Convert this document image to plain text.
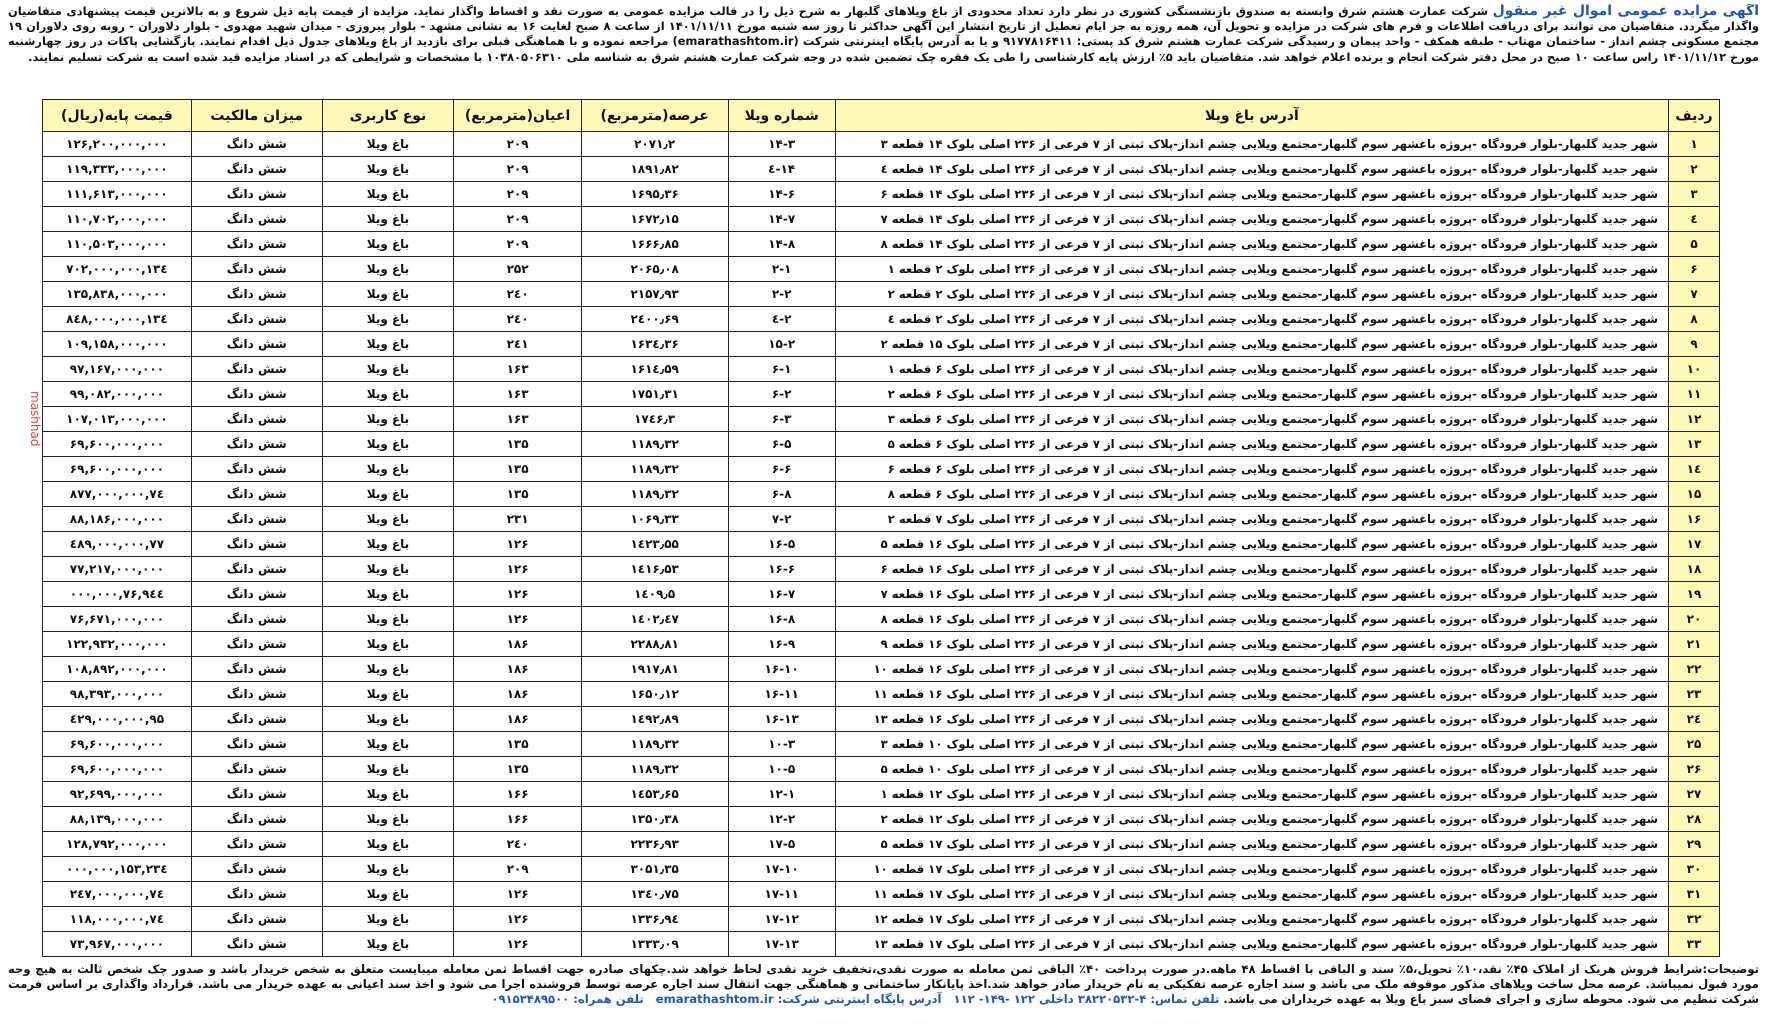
آگهی مزایده عمومی اموال غیر منقول شرکت عمارت هشتم شرق وابسته به صندوق بازنشستگی کشوری در نظر دارد تعداد محدودی از باغ ویلاهای گلبهار به شرح ذیل را در قالب مزایده عمومی به صورت نقد و اقساط واگذار نماید. مزایده از قیمت پایه ذیل شروع و به بالاترین قیمت پیشنهادی متقاضیان واگذار میگردد. متقاضیان می توانند برای دریافت اطلاعات و فرم های شرکت در مزایده و تحویل آن، همه روزه به جز ایام تعطیل از تاریخ انتشار این آگهی حداکثر تا روز سه شنبه مورخ ۱۴۰۱/۱۱/۱۱ از ساعت ۸ صبح لغایت ۱۶ به نشانی مشهد - بلوار پیروزی - میدان شهید مهدوی - بلوار دلاوران - روبه روی دلاوران ۱۹ مجتمع مسکونی چشم انداز - ساختمان مهتاب - طبقه همکف - واحد پیمان و رسیدگی شرکت عمارت هشتم شرق کد پستی: ۹۱۷۷۸۱۶۴۱۱ و یا به آدرس پایگاه اینترنتی شرکت (emarathashtom.ir) مراجعه نموده و با هماهنگی قبلی برای بازدید از باغ ویلاهای جدول ذیل اقدام نمایند. بازگشایی پاکات در روز چهارشنبه مورخ ۱۴۰۱/۱۱/۱۲ راس ساعت ۱۰ صبح در محل دفتر شرکت انجام و برنده اعلام خواهد شد. متقاضیان باید ۵٪ ارزش پایه کارشناسی را طی یک فقره چک تضمین شده در وجه شرکت عمارت هشتم شرق به شناسه ملی ۱۰۳۸۰۵۰۶۳۱۰ با مشخصات و شرایطی که در اسناد مزایده قید شده است به شرکت تسلیم نمایند.
mashhad
ردیف	آدرس باغ ویلا	شماره ویلا	عرصه(مترمربع)	اعیان(مترمربع)	نوع کاربری	میزان مالکیت	قیمت پایه(ریال)
۱	شهر جدید گلبهار-بلوار فرودگاه -پروژه باغشهر سوم گلبهار-مجتمع ویلایی چشم انداز-پلاک ثبتی از ۷ فرعی از ۲۳۶ اصلی بلوک ۱۴ قطعه ۳	۱۴-۳	۲۰۷۱٫۲	۲۰۹	باغ ویلا	شش دانگ	۱۲۶,۲۰۰,۰۰۰,۰۰۰
۲	شهر جدید گلبهار-بلوار فرودگاه -پروژه باغشهر سوم گلبهار-مجتمع ویلایی چشم انداز-پلاک ثبتی از ۷ فرعی از ۲۳۶ اصلی بلوک ۱۴ قطعه ٤	۱۴-٤	۱۸۹۱٫۸۲	۲۰۹	باغ ویلا	شش دانگ	۱۱۹,۳۳۳,۰۰۰,۰۰۰
۳	شهر جدید گلبهار-بلوار فرودگاه -پروژه باغشهر سوم گلبهار-مجتمع ویلایی چشم انداز-پلاک ثبتی از ۷ فرعی از ۲۳۶ اصلی بلوک ۱۴ قطعه ۶	۱۴-۶	۱۶۹۵٫۳۶	۲۰۹	باغ ویلا	شش دانگ	۱۱۱,۶۱۳,۰۰۰,۰۰۰
٤	شهر جدید گلبهار-بلوار فرودگاه -پروژه باغشهر سوم گلبهار-مجتمع ویلایی چشم انداز-پلاک ثبتی از ۷ فرعی از ۲۳۶ اصلی بلوک ۱۴ قطعه ۷	۱۴-۷	۱۶۷۲٫۱۵	۲۰۹	باغ ویلا	شش دانگ	۱۱۰,۷۰۲,۰۰۰,۰۰۰
۵	شهر جدید گلبهار-بلوار فرودگاه -پروژه باغشهر سوم گلبهار-مجتمع ویلایی چشم انداز-پلاک ثبتی از ۷ فرعی از ۲۳۶ اصلی بلوک ۱۴ قطعه ۸	۱۴-۸	۱۶۶۶٫۸۵	۲۰۹	باغ ویلا	شش دانگ	۱۱۰,۵۰۳,۰۰۰,۰۰۰
۶	شهر جدید گلبهار-بلوار فرودگاه -پروژه باغشهر سوم گلبهار-مجتمع ویلایی چشم انداز-پلاک ثبتی از ۷ فرعی از ۲۳۶ اصلی بلوک ۲ قطعه ۱	۲-۱	۲۰۶۵٫۰۸	۲۵۲	باغ ویلا	شش دانگ	۱۳٤,۷۰۲,۰۰۰,۰۰۰
۷	شهر جدید گلبهار-بلوار فرودگاه -پروژه باغشهر سوم گلبهار-مجتمع ویلایی چشم انداز-پلاک ثبتی از ۷ فرعی از ۲۳۶ اصلی بلوک ۲ قطعه ۲	۲-۲	۲۱۵۷٫۹۳	۲٤۰	باغ ویلا	شش دانگ	۱۳۵,۸۳۸,۰۰۰,۰۰۰
۸	شهر جدید گلبهار-بلوار فرودگاه -پروژه باغشهر سوم گلبهار-مجتمع ویلایی چشم انداز-پلاک ثبتی از ۷ فرعی از ۲۳۶ اصلی بلوک ۲ قطعه ٤	۲-٤	۲٤۰۰٫۶۹	۲٤۰	باغ ویلا	شش دانگ	۱۳٤,۸٤۸,۰۰۰,۰۰۰
۹	شهر جدید گلبهار-بلوار فرودگاه -پروژه باغشهر سوم گلبهار-مجتمع ویلایی چشم انداز-پلاک ثبتی از ۷ فرعی از ۲۳۶ اصلی بلوک ۱۵ قطعه ۲	۱۵-۲	۱۶۳٤٫۳۶	۲٤۱	باغ ویلا	شش دانگ	۱۰۹,۱۵۸,۰۰۰,۰۰۰
۱۰	شهر جدید گلبهار-بلوار فرودگاه -پروژه باغشهر سوم گلبهار-مجتمع ویلایی چشم انداز-پلاک ثبتی از ۷ فرعی از ۲۳۶ اصلی بلوک ۶ قطعه ۱	۶-۱	۱۶۱٤٫۵۹	۱۶۳	باغ ویلا	شش دانگ	۹۷,۱۶۷,۰۰۰,۰۰۰
۱۱	شهر جدید گلبهار-بلوار فرودگاه -پروژه باغشهر سوم گلبهار-مجتمع ویلایی چشم انداز-پلاک ثبتی از ۷ فرعی از ۲۳۶ اصلی بلوک ۶ قطعه ۲	۶-۲	۱۷۵۱٫۳۱	۱۶۳	باغ ویلا	شش دانگ	۹۹,۰۸۲,۰۰۰,۰۰۰
۱۲	شهر جدید گلبهار-بلوار فرودگاه -پروژه باغشهر سوم گلبهار-مجتمع ویلایی چشم انداز-پلاک ثبتی از ۷ فرعی از ۲۳۶ اصلی بلوک ۶ قطعه ۳	۶-۳	۱۷٤۶٫۳	۱۶۳	باغ ویلا	شش دانگ	۱۰۷,۰۱۳,۰۰۰,۰۰۰
۱۳	شهر جدید گلبهار-بلوار فرودگاه -پروژه باغشهر سوم گلبهار-مجتمع ویلایی چشم انداز-پلاک ثبتی از ۷ فرعی از ۲۳۶ اصلی بلوک ۶ قطعه ۵	۶-۵	۱۱۸۹٫۳۲	۱۳۵	باغ ویلا	شش دانگ	۶۹,۶۰۰,۰۰۰,۰۰۰
۱٤	شهر جدید گلبهار-بلوار فرودگاه -پروژه باغشهر سوم گلبهار-مجتمع ویلایی چشم انداز-پلاک ثبتی از ۷ فرعی از ۲۳۶ اصلی بلوک ۶ قطعه ۶	۶-۶	۱۱۸۹٫۳۲	۱۳۵	باغ ویلا	شش دانگ	۶۹,۶۰۰,۰۰۰,۰۰۰
۱۵	شهر جدید گلبهار-بلوار فرودگاه -پروژه باغشهر سوم گلبهار-مجتمع ویلایی چشم انداز-پلاک ثبتی از ۷ فرعی از ۲۳۶ اصلی بلوک ۶ قطعه ۸	۶-۸	۱۱۸۹٫۳۲	۱۳۵	باغ ویلا	شش دانگ	۷٤,۸۷۷,۰۰۰,۰۰۰
۱۶	شهر جدید گلبهار-بلوار فرودگاه -پروژه باغشهر سوم گلبهار-مجتمع ویلایی چشم انداز-پلاک ثبتی از ۷ فرعی از ۲۳۶ اصلی بلوک ۷ قطعه ۲	۷-۲	۱۰۶۹٫۳۳	۲۳۱	باغ ویلا	شش دانگ	۸۸,۱۸۶,۰۰۰,۰۰۰
۱۷	شهر جدید گلبهار-بلوار فرودگاه -پروژه باغشهر سوم گلبهار-مجتمع ویلایی چشم انداز-پلاک ثبتی از ۷ فرعی از ۲۳۶ اصلی بلوک ۱۶ قطعه ۵	۱۶-۵	۱٤۲۳٫۵۵	۱۲۶	باغ ویلا	شش دانگ	۷۷,٤۸۹,۰۰۰,۰۰۰
۱۸	شهر جدید گلبهار-بلوار فرودگاه -پروژه باغشهر سوم گلبهار-مجتمع ویلایی چشم انداز-پلاک ثبتی از ۷ فرعی از ۲۳۶ اصلی بلوک ۱۶ قطعه ۶	۱۶-۶	۱٤۱۶٫۵۳	۱۲۶	باغ ویلا	شش دانگ	۷۷,۲۱۷,۰۰۰,۰۰۰
۱۹	شهر جدید گلبهار-بلوار فرودگاه -پروژه باغشهر سوم گلبهار-مجتمع ویلایی چشم انداز-پلاک ثبتی از ۷ فرعی از ۲۳۶ اصلی بلوک ۱۶ قطعه ۷	۱۶-۷	۱٤۰۹٫۵	۱۲۶	باغ ویلا	شش دانگ	۷۶,۹٤٤,۰۰۰,۰۰۰
۲۰	شهر جدید گلبهار-بلوار فرودگاه -پروژه باغشهر سوم گلبهار-مجتمع ویلایی چشم انداز-پلاک ثبتی از ۷ فرعی از ۲۳۶ اصلی بلوک ۱۶ قطعه ۸	۱۶-۸	۱٤۰۲٫٤۷	۱۲۶	باغ ویلا	شش دانگ	۷۶,۶۷۱,۰۰۰,۰۰۰
۲۱	شهر جدید گلبهار-بلوار فرودگاه -پروژه باغشهر سوم گلبهار-مجتمع ویلایی چشم انداز-پلاک ثبتی از ۷ فرعی از ۲۳۶ اصلی بلوک ۱۶ قطعه ۹	۱۶-۹	۲۲۸۸٫۸۱	۱۸۶	باغ ویلا	شش دانگ	۱۲۲,۹۳۲,۰۰۰,۰۰۰
۲۲	شهر جدید گلبهار-بلوار فرودگاه -پروژه باغشهر سوم گلبهار-مجتمع ویلایی چشم انداز-پلاک ثبتی از ۷ فرعی از ۲۳۶ اصلی بلوک ۱۶ قطعه ۱۰	۱۶-۱۰	۱۹۱۷٫۸۱	۱۸۶	باغ ویلا	شش دانگ	۱۰۸,۸۹۲,۰۰۰,۰۰۰
۲۳	شهر جدید گلبهار-بلوار فرودگاه -پروژه باغشهر سوم گلبهار-مجتمع ویلایی چشم انداز-پلاک ثبتی از ۷ فرعی از ۲۳۶ اصلی بلوک ۱۶ قطعه ۱۱	۱۶-۱۱	۱۶۵۰٫۱۲	۱۸۶	باغ ویلا	شش دانگ	۹۸,۳۹۳,۰۰۰,۰۰۰
۲٤	شهر جدید گلبهار-بلوار فرودگاه -پروژه باغشهر سوم گلبهار-مجتمع ویلایی چشم انداز-پلاک ثبتی از ۷ فرعی از ۲۳۶ اصلی بلوک ۱۶ قطعه ۱۳	۱۶-۱۳	۱٤۹۲٫۸۹	۱۸۶	باغ ویلا	شش دانگ	۹۵,٤۲۹,۰۰۰,۰۰۰
۲۵	شهر جدید گلبهار-بلوار فرودگاه -پروژه باغشهر سوم گلبهار-مجتمع ویلایی چشم انداز-پلاک ثبتی از ۷ فرعی از ۲۳۶ اصلی بلوک ۱۰ قطعه ۳	۱۰-۳	۱۱۸۹٫۳۲	۱۳۵	باغ ویلا	شش دانگ	۶۹,۶۰۰,۰۰۰,۰۰۰
۲۶	شهر جدید گلبهار-بلوار فرودگاه -پروژه باغشهر سوم گلبهار-مجتمع ویلایی چشم انداز-پلاک ثبتی از ۷ فرعی از ۲۳۶ اصلی بلوک ۱۰ قطعه ۵	۱۰-۵	۱۱۸۹٫۳۲	۱۳۵	باغ ویلا	شش دانگ	۶۹,۶۰۰,۰۰۰,۰۰۰
۲۷	شهر جدید گلبهار-بلوار فرودگاه -پروژه باغشهر سوم گلبهار-مجتمع ویلایی چشم انداز-پلاک ثبتی از ۷ فرعی از ۲۳۶ اصلی بلوک ۱۲ قطعه ۱	۱۲-۱	۱٤۵۳٫۶۵	۱۶۶	باغ ویلا	شش دانگ	۹۲,۶۹۹,۰۰۰,۰۰۰
۲۸	شهر جدید گلبهار-بلوار فرودگاه -پروژه باغشهر سوم گلبهار-مجتمع ویلایی چشم انداز-پلاک ثبتی از ۷ فرعی از ۲۳۶ اصلی بلوک ۱۲ قطعه ۲	۱۲-۲	۱۳۵۰٫۳۸	۱۶۶	باغ ویلا	شش دانگ	۸۸,۱۳۹,۰۰۰,۰۰۰
۲۹	شهر جدید گلبهار-بلوار فرودگاه -پروژه باغشهر سوم گلبهار-مجتمع ویلایی چشم انداز-پلاک ثبتی از ۷ فرعی از ۲۳۶ اصلی بلوک ۱۷ قطعه ۵	۱۷-۵	۲۲۳۶٫۹۳	۲٤۰	باغ ویلا	شش دانگ	۱۲۸,۷۹۲,۰۰۰,۰۰۰
۳۰	شهر جدید گلبهار-بلوار فرودگاه -پروژه باغشهر سوم گلبهار-مجتمع ویلایی چشم انداز-پلاک ثبتی از ۷ فرعی از ۲۳۶ اصلی بلوک ۱۷ قطعه ۱۰	۱۷-۱۰	۳۰۵۱٫۳۵	۲۰۹	باغ ویلا	شش دانگ	۱۵۳,۲۳٤,۰۰۰,۰۰۰
۳۱	شهر جدید گلبهار-بلوار فرودگاه -پروژه باغشهر سوم گلبهار-مجتمع ویلایی چشم انداز-پلاک ثبتی از ۷ فرعی از ۲۳۶ اصلی بلوک ۱۷ قطعه ۱۱	۱۷-۱۱	۱۳٤۰٫۷۵	۱۲۶	باغ ویلا	شش دانگ	۷٤,۲٤۷,۰۰۰,۰۰۰
۳۲	شهر جدید گلبهار-بلوار فرودگاه -پروژه باغشهر سوم گلبهار-مجتمع ویلایی چشم انداز-پلاک ثبتی از ۷ فرعی از ۲۳۶ اصلی بلوک ۱۷ قطعه ۱۲	۱۷-۱۲	۱۳۳۶٫۹٤	۱۲۶	باغ ویلا	شش دانگ	۷٤,۱۱۸,۰۰۰,۰۰۰
۳۳	شهر جدید گلبهار-بلوار فرودگاه -پروژه باغشهر سوم گلبهار-مجتمع ویلایی چشم انداز-پلاک ثبتی از ۷ فرعی از ۲۳۶ اصلی بلوک ۱۷ قطعه ۱۳	۱۷-۱۳	۱۳۳۳٫۰۹	۱۲۶	باغ ویلا	شش دانگ	۷۳,۹۶۷,۰۰۰,۰۰۰
توضیحات:شرایط فروش هریک از املاک ۴۵٪ نقد،۱۰٪ تحویل،۵٪ سند و الباقی با اقساط ۴۸ ماهه.در صورت پرداخت ۴۰٪ الباقی ثمن معامله به صورت نقدی،تخفیف خرید نقدی لحاظ خواهد شد.چکهای صادره جهت اقساط ثمن معامله میبایست متعلق به شخص خریدار باشد و صدور چک شخص ثالث به هیچ وجه مورد قبول نمیباشد. عرصه محل ساخت ویلاهای مذکور موقوفه ملک می باشد و سند اجاره عرصه تفکیکی به نام خریدار صادر خواهد شد.اخذ پایانکار ساختمانی و هماهنگی جهت انتقال سند اجاره عرصه توسط فروشنده اجرا می شود و اخذ سند اعیانی به عهده خریدار می باشد. قرارداد واگذاری بر اساس فرمت شرکت تنظیم می شود. محوطه سازی و اجرای فضای سبز باغ ویلا به عهده خریداران می باشد. تلفن تماس: ۴-۳۸۲۲۰۵۳۲ داخلی ۱۲۲ -۱۴۹- ۱۱۲   آدرس پایگاه اینترنتی شرکت: emarathashtom.ir   تلفن همراه: ۰۹۱۵۳۴۸۹۵۰۰
